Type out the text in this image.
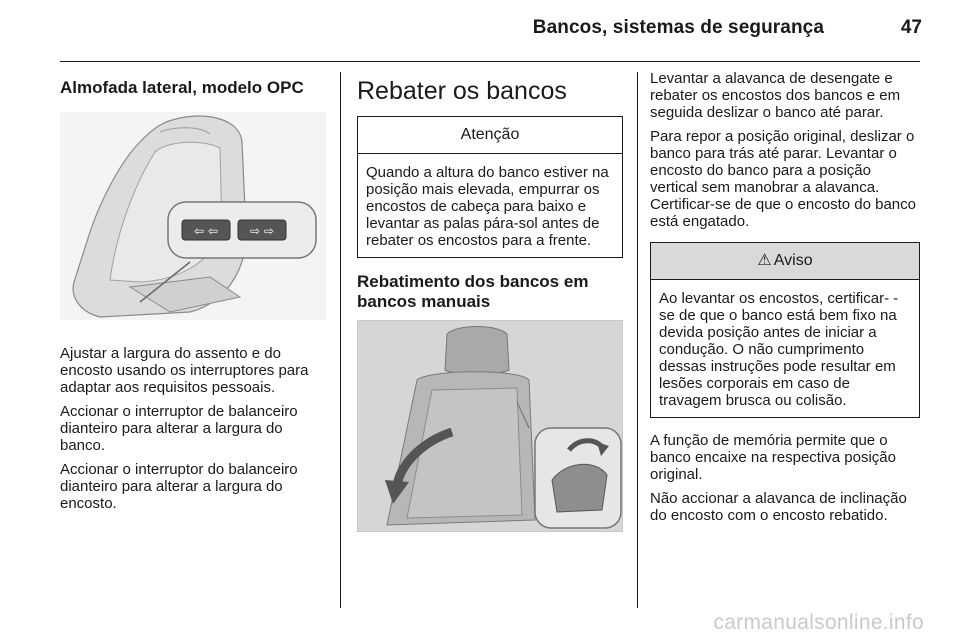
Bancos, sistemas de segurança	47
Almofada lateral, modelo OPC
⇦ ⇦	⇨ ⇨

Ajustar a largura do assento e do encosto usando os interruptores para adaptar aos requisitos pessoais.

Accionar o interruptor de balanceiro dianteiro para alterar a largura do banco.

Accionar o interruptor do balanceiro dianteiro para alterar a largura do encosto.

Rebater os bancos
Atenção

Quando a altura do banco estiver na posição mais elevada, empurrar os encostos de cabeça para baixo e levantar as palas pára-sol antes de rebater os encostos para a frente.

Rebatimento dos bancos em bancos manuais

Levantar a alavanca de desengate e rebater os encostos dos bancos e em seguida deslizar o banco até parar.

Para repor a posição original, deslizar o banco para trás até parar. Levantar o encosto do banco para a posição vertical sem manobrar a alavanca. Certificar-se de que o encosto do banco está engatado.

⚠ Aviso

Ao levantar os encostos, certificar- -se de que o banco está bem fixo na devida posição antes de iniciar a condução. O não cumprimento dessas instruções pode resultar em lesões corporais em caso de travagem brusca ou colisão.

A função de memória permite que o banco encaixe na respectiva posição original.

Não accionar a alavanca de inclinação do encosto com o encosto rebatido.

carmanualsonline.info
